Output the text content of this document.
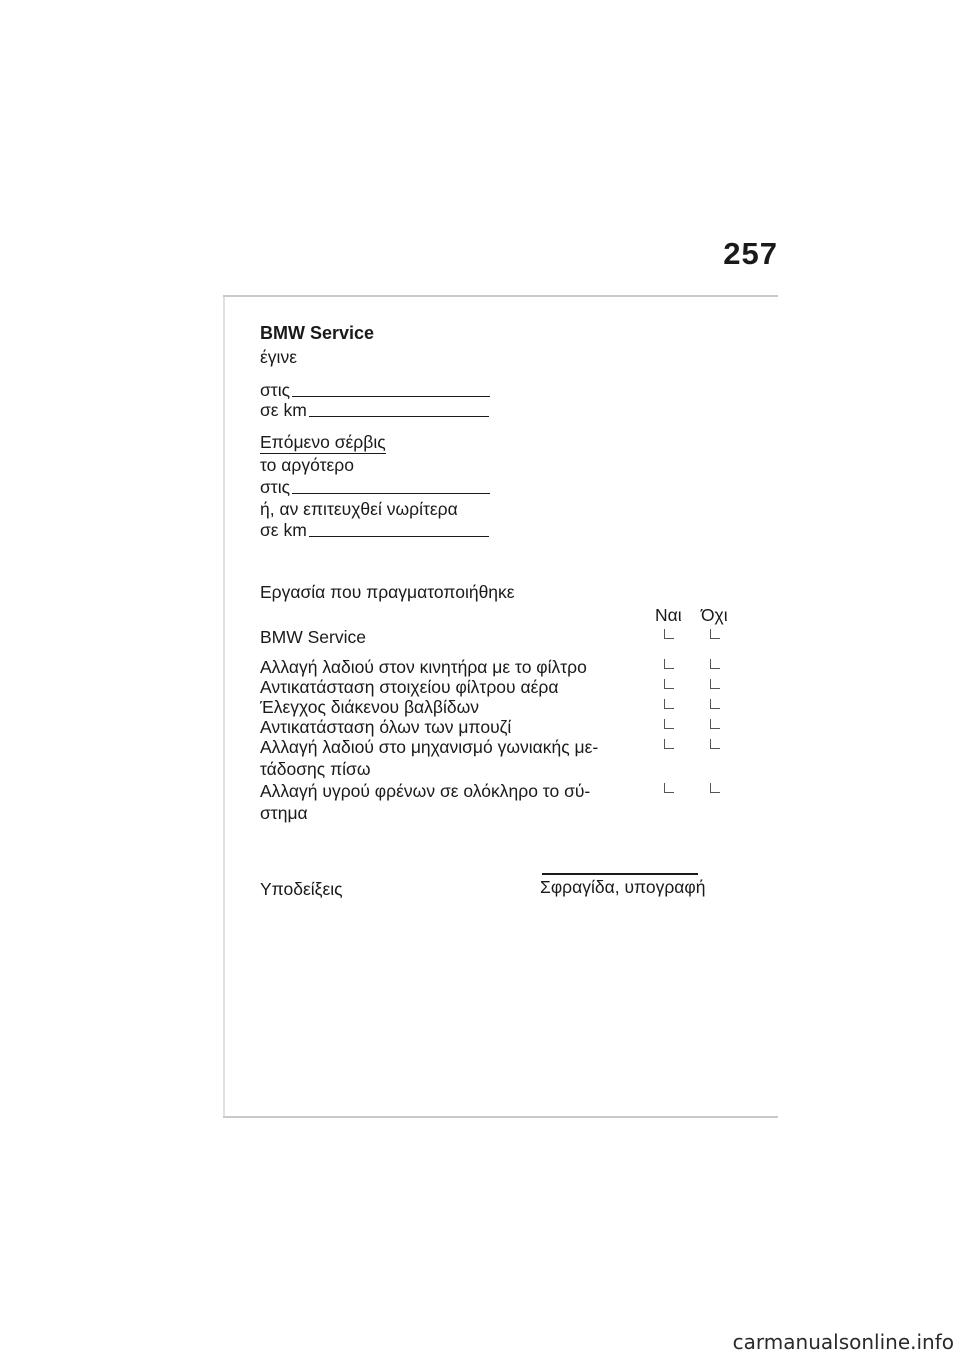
257
BMW Service
έγινε
στις
σε km
Επόμενο σέρβις
το αργότερο
στις
ή, αν επιτευχθεί νωρίτερα
σε km
Εργασία που πραγματοποιήθηκε
Ναι Όχι
BMW Service
Αλλαγή λαδιού στον κινητήρα με το φίλτρο
Αντικατάσταση στοιχείου φίλτρου αέρα
Έλεγχος διάκενου βαλβίδων
Αντικατάσταση όλων των μπουζί
Αλλαγή λαδιού στο μηχανισμό γωνιακής με-
τάδοσης πίσω
Αλλαγή υγρού φρένων σε ολόκληρο το σύ-
στημα
Υποδείξεις	Σφραγίδα, υπογραφή
carmanualsonline.info
